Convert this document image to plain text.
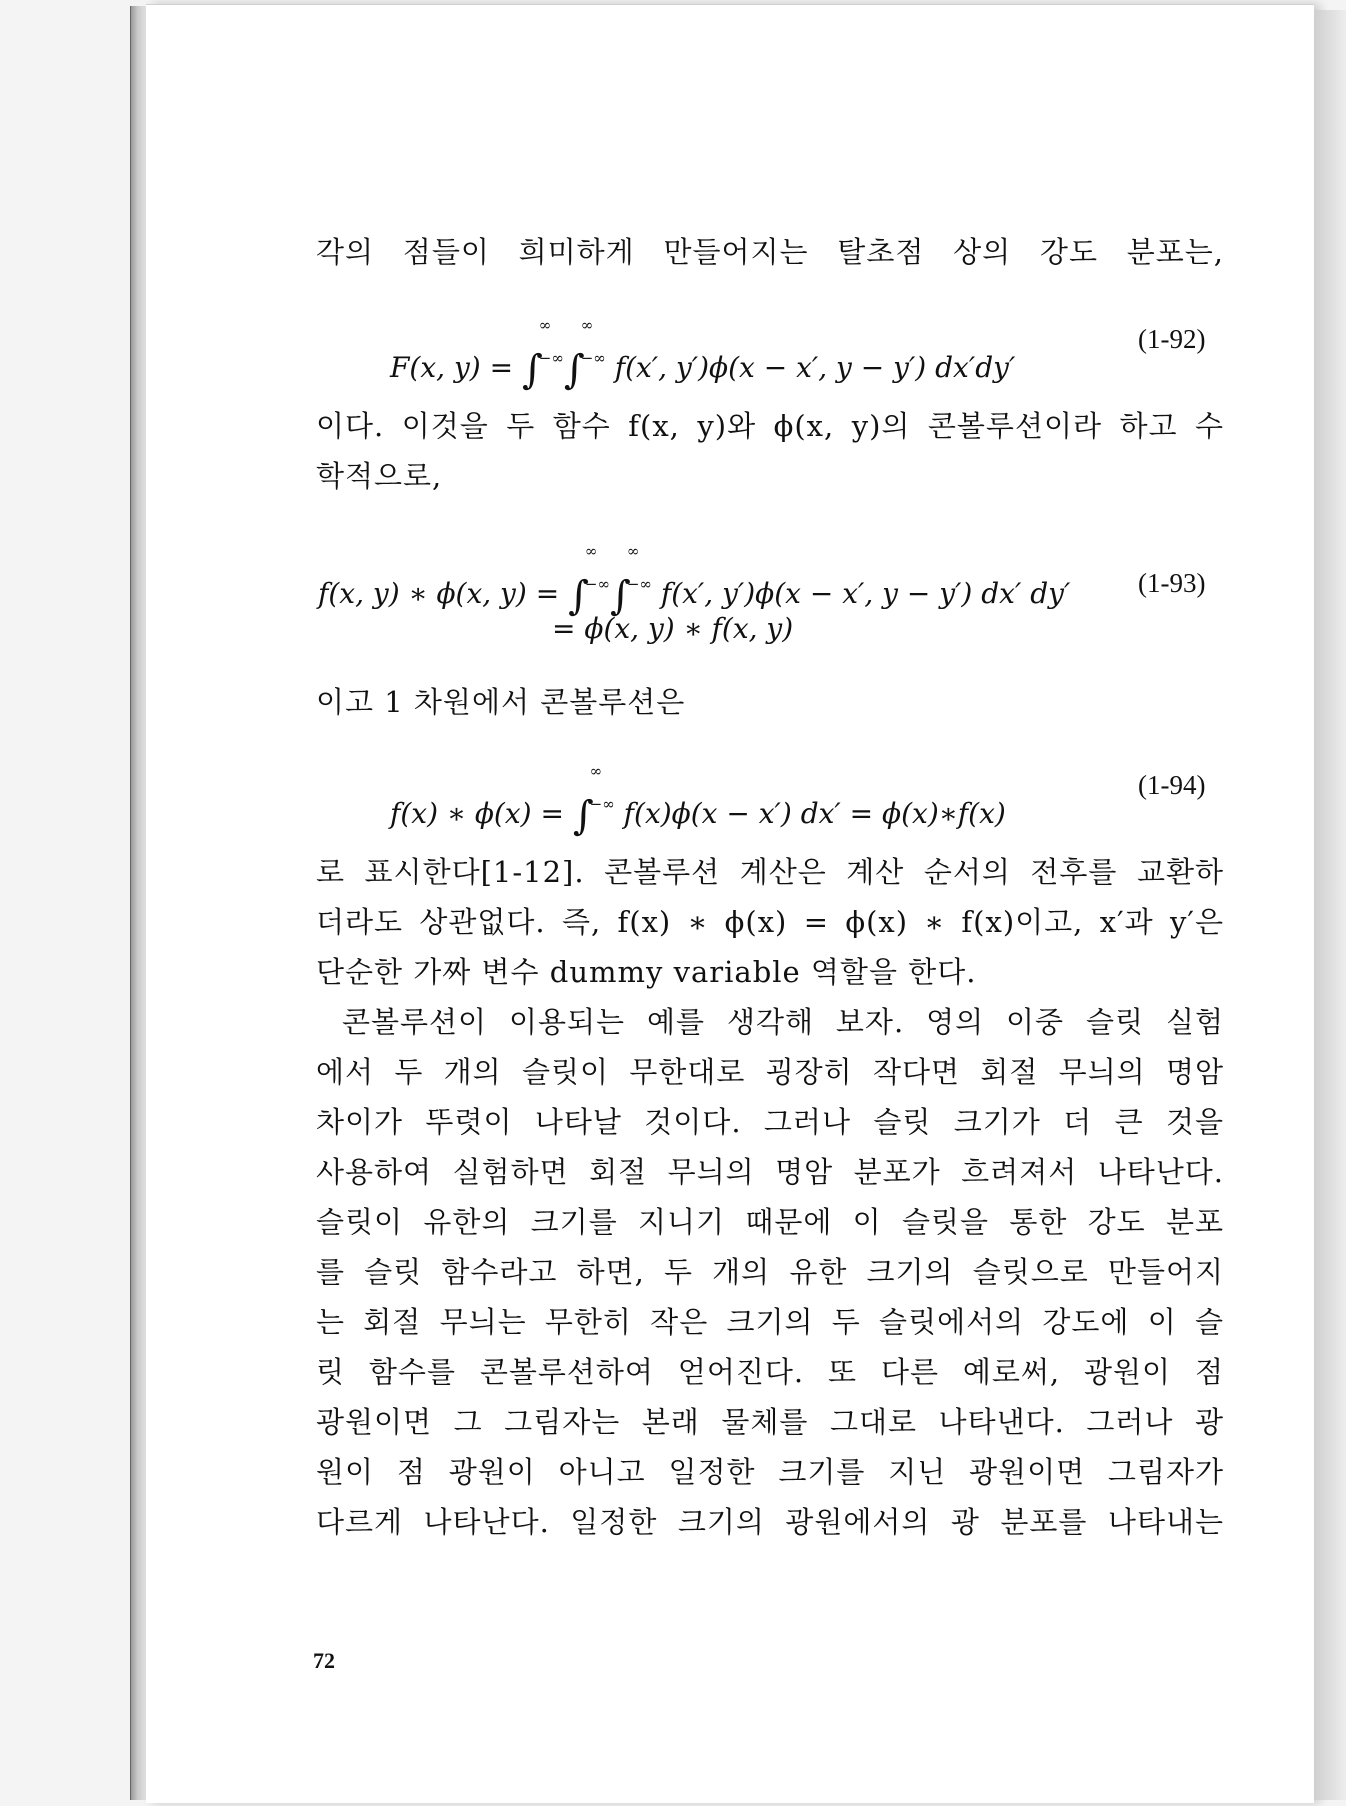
각의 점들이 희미하게 만들어지는 탈초점 상의 강도 분포는,
F(x, y) = ∫
∞
−∞ ∫
∞
−∞ f(x′, y′)ϕ(x − x′, y − y′) dx′dy′
(1-92)
이다. 이것을 두 함수 f(x, y)와 ϕ(x, y)의 콘볼루션이라 하고 수
학적으로,
f(x, y) ∗ ϕ(x, y) = ∫
∞
−∞ ∫
∞
−∞ f(x′, y′)ϕ(x − x′, y − y′) dx′ dy′
= ϕ(x, y) ∗ f(x, y)
(1-93)
이고 1 차원에서 콘볼루션은
f(x) ∗ ϕ(x) = ∫
∞
−∞ f(x)ϕ(x − x′) dx′ = ϕ(x)∗f(x)
(1-94)
로 표시한다[1-12]. 콘볼루션 계산은 계산 순서의 전후를 교환하
더라도 상관없다. 즉, f(x) ∗ ϕ(x) = ϕ(x) ∗ f(x)이고, x′과 y′은
단순한 가짜 변수 dummy variable 역할을 한다.
콘볼루션이 이용되는 예를 생각해 보자. 영의 이중 슬릿 실험
에서 두 개의 슬릿이 무한대로 굉장히 작다면 회절 무늬의 명암
차이가 뚜렷이 나타날 것이다. 그러나 슬릿 크기가 더 큰 것을
사용하여 실험하면 회절 무늬의 명암 분포가 흐려져서 나타난다.
슬릿이 유한의 크기를 지니기 때문에 이 슬릿을 통한 강도 분포
를 슬릿 함수라고 하면, 두 개의 유한 크기의 슬릿으로 만들어지
는 회절 무늬는 무한히 작은 크기의 두 슬릿에서의 강도에 이 슬
릿 함수를 콘볼루션하여 얻어진다. 또 다른 예로써, 광원이 점
광원이면 그 그림자는 본래 물체를 그대로 나타낸다. 그러나 광
원이 점 광원이 아니고 일정한 크기를 지닌 광원이면 그림자가
다르게 나타난다. 일정한 크기의 광원에서의 광 분포를 나타내는
72
